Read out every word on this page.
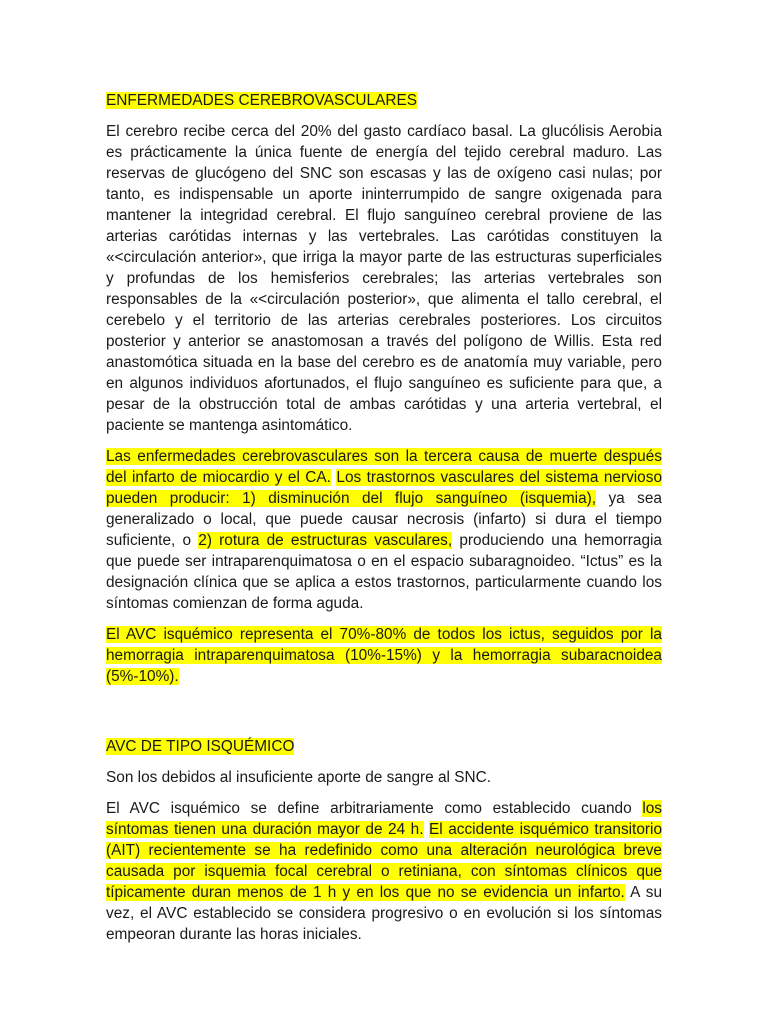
ENFERMEDADES CEREBROVASCULARES

El cerebro recibe cerca del 20% del gasto cardíaco basal. La glucólisis Aerobia es prácticamente la única fuente de energía del tejido cerebral maduro. Las reservas de glucógeno del SNC son escasas y las de oxígeno casi nulas; por tanto, es indispensable un aporte ininterrumpido de sangre oxigenada para mantener la integridad cerebral. El flujo sanguíneo cerebral proviene de las arterias carótidas internas y las vertebrales. Las carótidas constituyen la «<circulación anterior», que irriga la mayor parte de las estructuras superficiales y profundas de los hemisferios cerebrales; las arterias vertebrales son responsables de la «<circulación posterior», que alimenta el tallo cerebral, el cerebelo y el territorio de las arterias cerebrales posteriores. Los circuitos posterior y anterior se anastomosan a través del polígono de Willis. Esta red anastomótica situada en la base del cerebro es de anatomía muy variable, pero en algunos individuos afortunados, el flujo sanguíneo es suficiente para que, a pesar de la obstrucción total de ambas carótidas y una arteria vertebral, el paciente se mantenga asintomático.

Las enfermedades cerebrovasculares son la tercera causa de muerte después del infarto de miocardio y el CA. Los trastornos vasculares del sistema nervioso pueden producir: 1) disminución del flujo sanguíneo (isquemia), ya sea generalizado o local, que puede causar necrosis (infarto) si dura el tiempo suficiente, o 2) rotura de estructuras vasculares, produciendo una hemorragia que puede ser intraparenquimatosa o en el espacio subaragnoideo. “Ictus” es la designación clínica que se aplica a estos trastornos, particularmente cuando los síntomas comienzan de forma aguda.

El AVC isquémico representa el 70%-80% de todos los ictus, seguidos por la hemorragia intraparenquimatosa (10%-15%) y la hemorragia subaracnoidea (5%-10%).

AVC DE TIPO ISQUÉMICO

Son los debidos al insuficiente aporte de sangre al SNC.

El AVC isquémico se define arbitrariamente como establecido cuando los síntomas tienen una duración mayor de 24 h. El accidente isquémico transitorio (AIT) recientemente se ha redefinido como una alteración neurológica breve causada por isquemia focal cerebral o retiniana, con síntomas clínicos que típicamente duran menos de 1 h y en los que no se evidencia un infarto. A su vez, el AVC establecido se considera progresivo o en evolución si los síntomas empeoran durante las horas iniciales.
